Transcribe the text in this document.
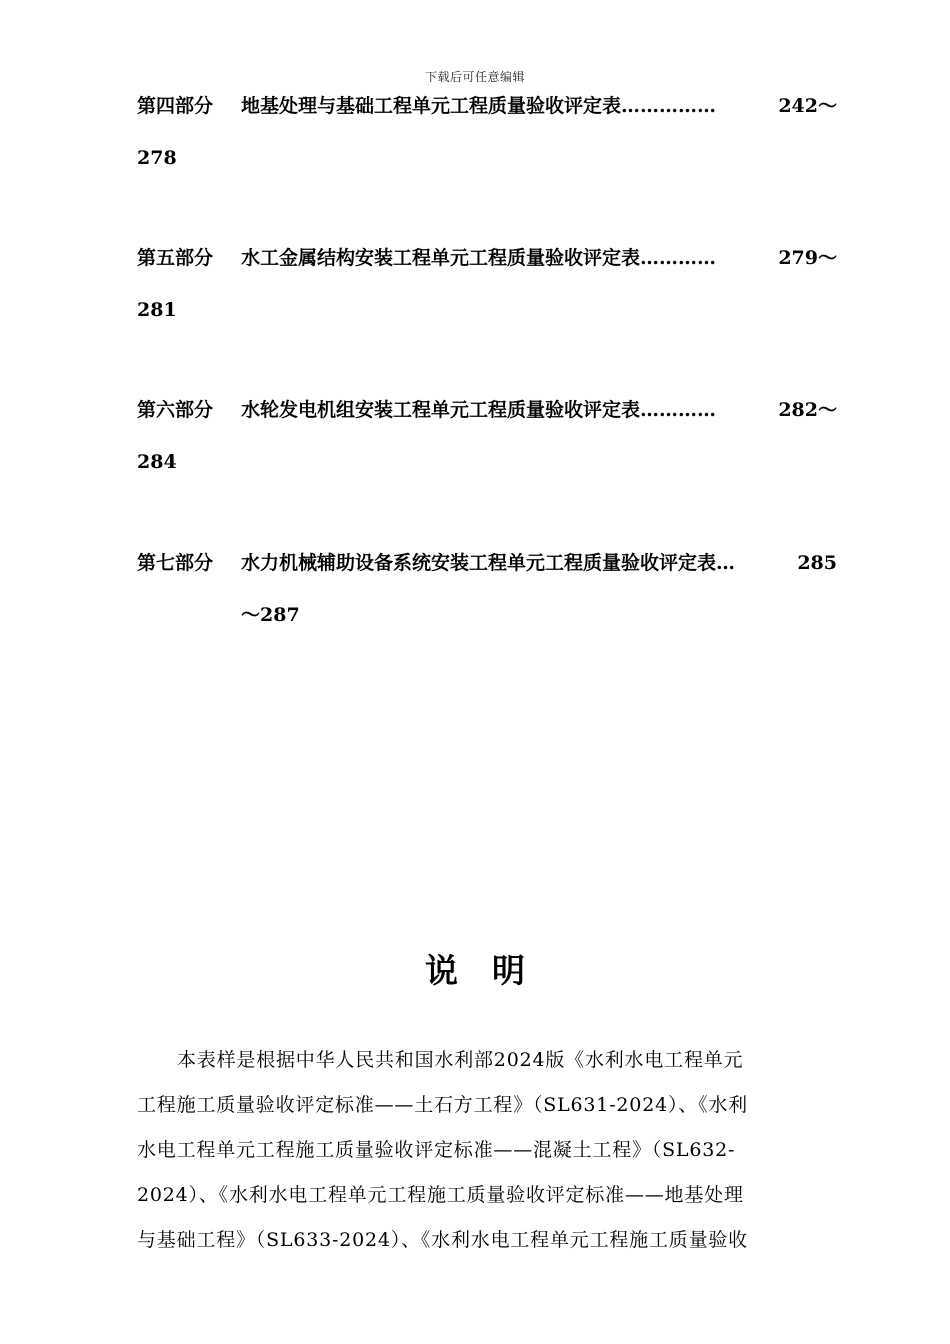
下载后可任意编辑
第四部分	地基处理与基础工程单元工程质量验收评定表……………	242～
278
第五部分	水工金属结构安装工程单元工程质量验收评定表…………	279～
281
第六部分	水轮发电机组安装工程单元工程质量验收评定表…………	282～
284
第七部分	水力机械辅助设备系统安装工程单元工程质量验收评定表…	285
～287
说明
本表样是根据中华人民共和国水利部2024版《水利水电工程单元
工程施工质量验收评定标准——土石方工程》（SL631-2024）、《水利
水电工程单元工程施工质量验收评定标准——混凝土工程》（SL632-
2024）、《水利水电工程单元工程施工质量验收评定标准——地基处理
与基础工程》（SL633-2024）、《水利水电工程单元工程施工质量验收
